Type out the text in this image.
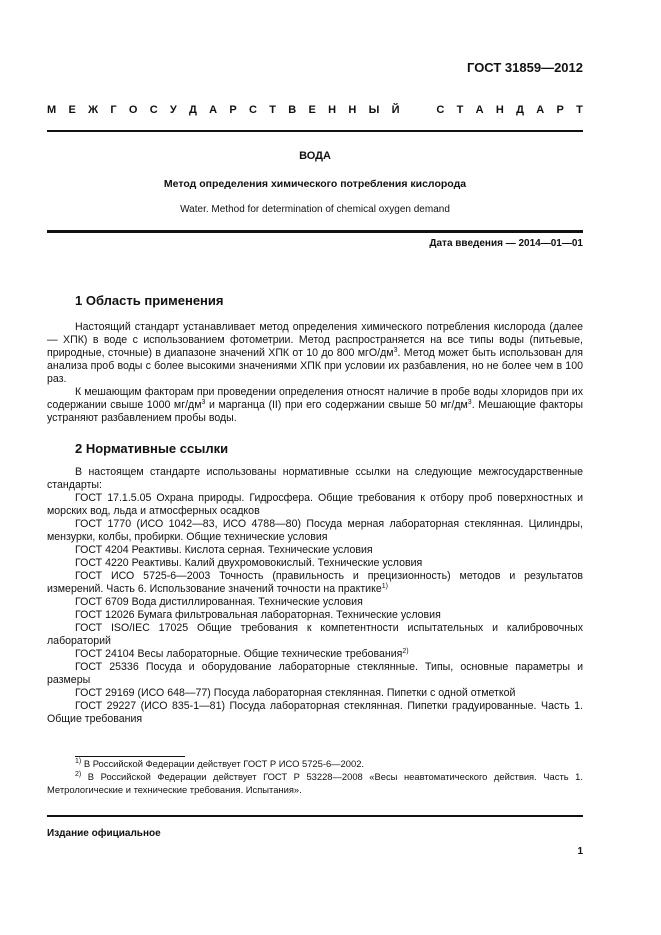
ГОСТ 31859—2012
М Е Ж Г О С У Д А Р С Т В Е Н Н Ы Й	С Т А Н Д А Р Т
ВОДА
Метод определения химического потребления кислорода
Water. Method for determination of chemical oxygen demand
Дата введения — 2014—01—01
1 Область применения

Настоящий стандарт устанавливает метод определения химического потребления кислорода (далее — ХПК) в воде с использованием фотометрии. Метод распространяется на все типы воды (питьевые, природные, сточные) в диапазоне значений ХПК от 10 до 800 мгО/$дм^3$. Метод может быть использован для анализа проб воды с более высокими значениями ХПК при условии их разбавления, но не более чем в 100 раз.

К мешающим факторам при проведении определения относят наличие в пробе воды хлоридов при их содержании свыше 1000 $мг/дм^3$ и марганца (II) при его содержании свыше 50 $мг/дм^3$. Мешающие факторы устраняют разбавлением пробы воды.

2 Нормативные ссылки

В настоящем стандарте использованы нормативные ссылки на следующие межгосударственные стандарты:

ГОСТ 17.1.5.05 Охрана природы. Гидросфера. Общие требования к отбору проб поверхностных и морских вод, льда и атмосферных осадков

ГОСТ 1770 (ИСО 1042—83, ИСО 4788—80) Посуда мерная лабораторная стеклянная. Цилиндры, мензурки, колбы, пробирки. Общие технические условия

ГОСТ 4204 Реактивы. Кислота серная. Технические условия

ГОСТ 4220 Реактивы. Калий двухромовокислый. Технические условия

ГОСТ ИСО 5725-6—2003 Точность (правильность и прецизионность) методов и результатов измерений. Часть 6. Использование значений точности на практике$^{1)}$

ГОСТ 6709 Вода дистиллированная. Технические условия

ГОСТ 12026 Бумага фильтровальная лабораторная. Технические условия

ГОСТ ISO/IEC 17025 Общие требования к компетентности испытательных и калибровочных лабораторий

ГОСТ 24104 Весы лабораторные. Общие технические требования$^{2)}$

ГОСТ 25336 Посуда и оборудование лабораторные стеклянные. Типы, основные параметры и размеры

ГОСТ 29169 (ИСО 648—77) Посуда лабораторная стеклянная. Пипетки с одной отметкой

ГОСТ 29227 (ИСО 835-1—81) Посуда лабораторная стеклянная. Пипетки градуированные. Часть 1. Общие требования

$^{1)}$ В Российской Федерации действует ГОСТ Р ИСО 5725-6—2002.

$^{2)}$ В Российской Федерации действует ГОСТ Р 53228—2008 «Весы неавтоматического действия. Часть 1. Метрологические и технические требования. Испытания».

Издание официальное
1
